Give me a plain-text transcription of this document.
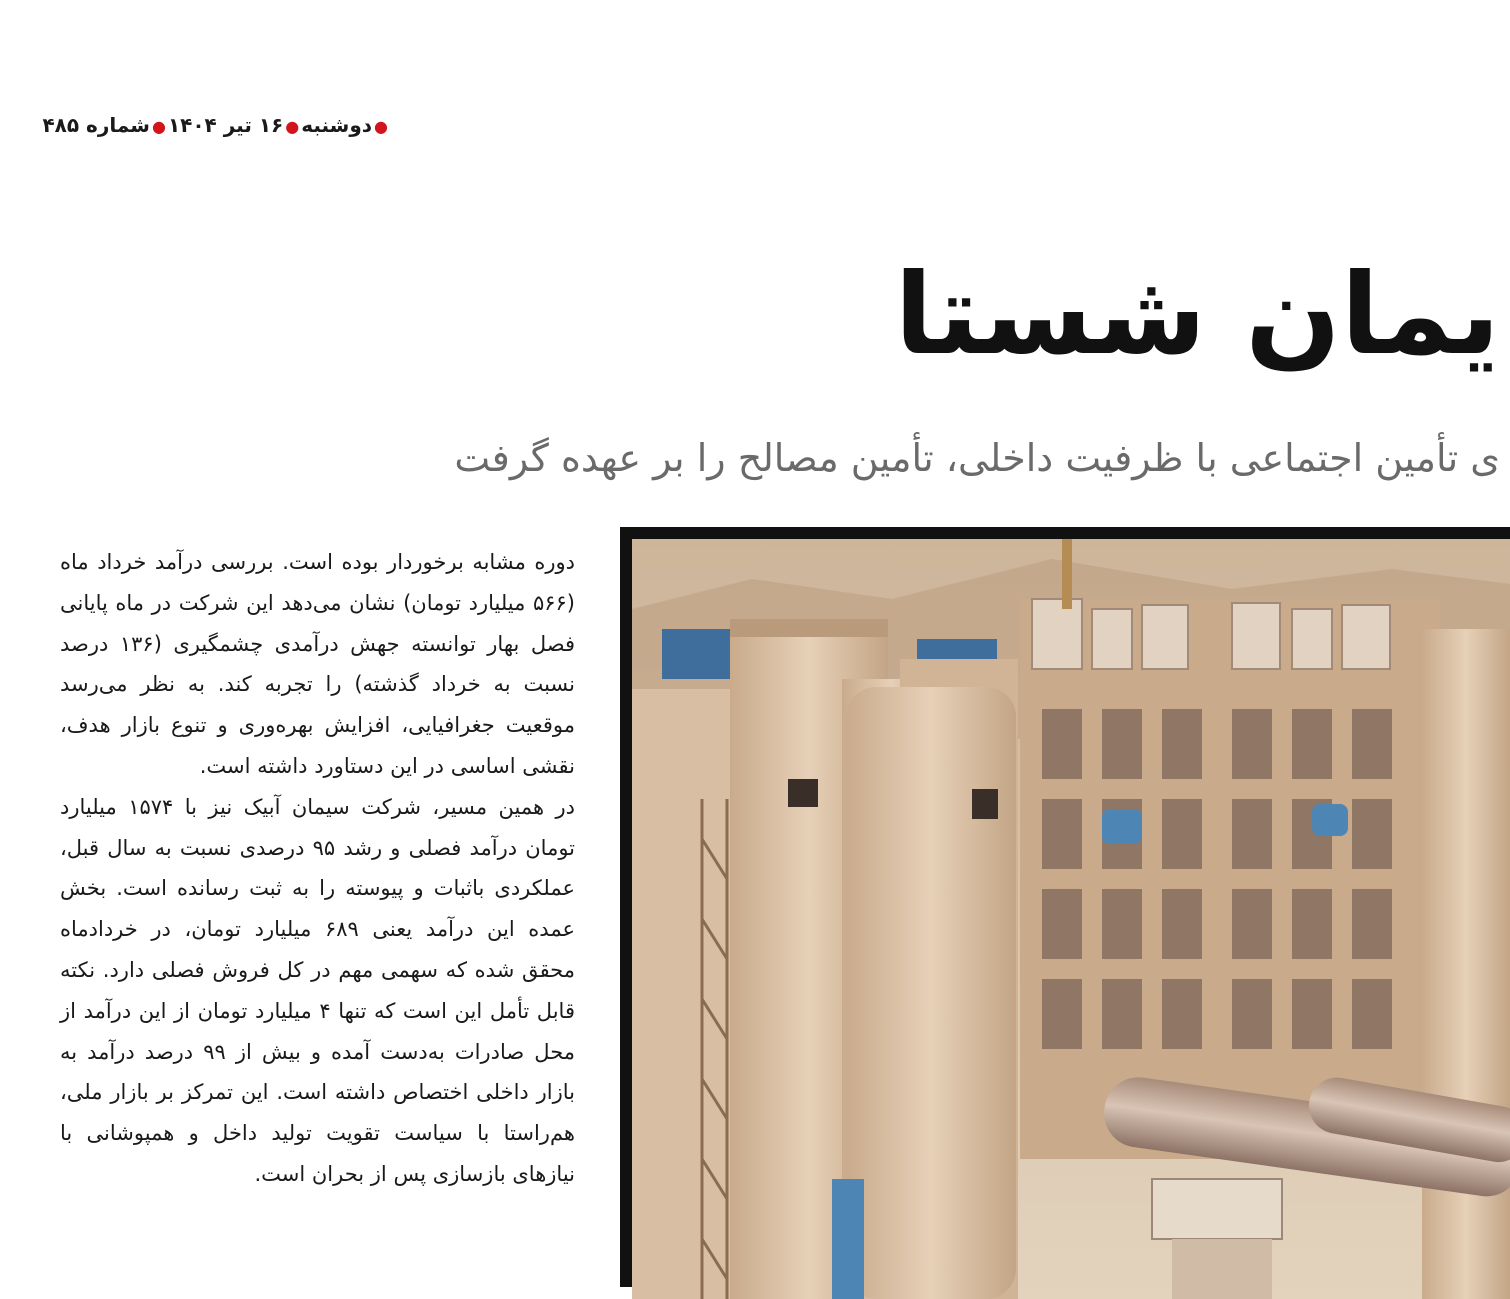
●دوشنبه●۱۶ تیر ۱۴۰۴●شماره ۴۸۵
یمان شستا
ی تأمین اجتماعی با ظرفیت داخلی، تأمین مصالح را بر عهده گرفت

دوره مشابه برخوردار بوده است. بررسی درآمد خرداد ماه (۵۶۶ میلیارد تومان) نشان می‌دهد این شرکت در ماه پایانی فصل بهار توانسته جهش درآمدی چشمگیری (۱۳۶ درصد نسبت به خرداد گذشته) را تجربه کند. به نظر می‌رسد موقعیت جغرافیایی، افزایش بهره‌وری و تنوع بازار هدف، نقشی اساسی در این دستاورد داشته است.

در همین مسیر، شرکت سیمان آبیک نیز با ۱۵۷۴ میلیارد تومان درآمد فصلی و رشد ۹۵ درصدی نسبت به سال قبل، عملکردی باثبات و پیوسته را به ثبت رسانده است. بخش عمده این درآمد یعنی ۶۸۹ میلیارد تومان، در خردادماه محقق شده که سهمی مهم در کل فروش فصلی دارد. نکته قابل تأمل این است که تنها ۴ میلیارد تومان از این درآمد از محل صادرات به‌دست آمده و بیش از ۹۹ درصد درآمد به بازار داخلی اختصاص داشته است. این تمرکز بر بازار ملی، هم‌راستا با سیاست تقویت تولید داخل و همپوشانی با نیازهای بازسازی پس از بحران است.
